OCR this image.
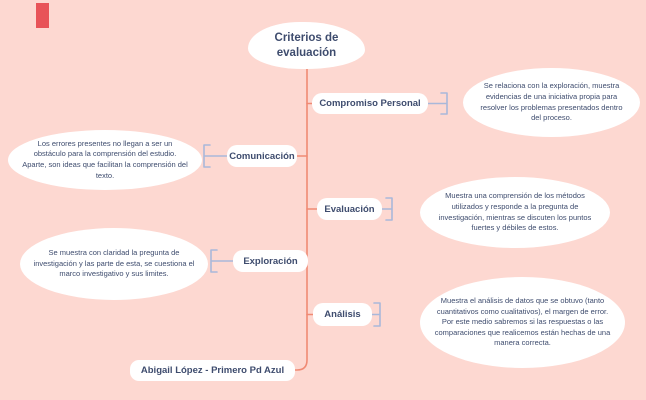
Criterios de evaluación
Compromiso Personal
Se relaciona con la exploración, muestra evidencias de una iniciativa propia para resolver los problemas presentados dentro del proceso.
Comunicación
Los errores presentes no llegan a ser un obstáculo para la comprensión del estudio. Aparte, son ideas que facilitan la comprensión del texto.
Evaluación
Muestra una comprensión de los métodos utilizados y responde a la pregunta de investigación, mientras se discuten los puntos fuertes y débiles de estos.
Exploración
Se muestra con claridad la pregunta de investigación y las parte de esta, se cuestiona el marco investigativo y sus limites.
Análisis
Muestra el análisis de datos que se obtuvo (tanto cuantitativos como cualitativos), el margen de error. Por este medio sabremos si las respuestas o las comparaciones que realicemos están hechas de una manera correcta.
Abigail López - Primero Pd Azul
